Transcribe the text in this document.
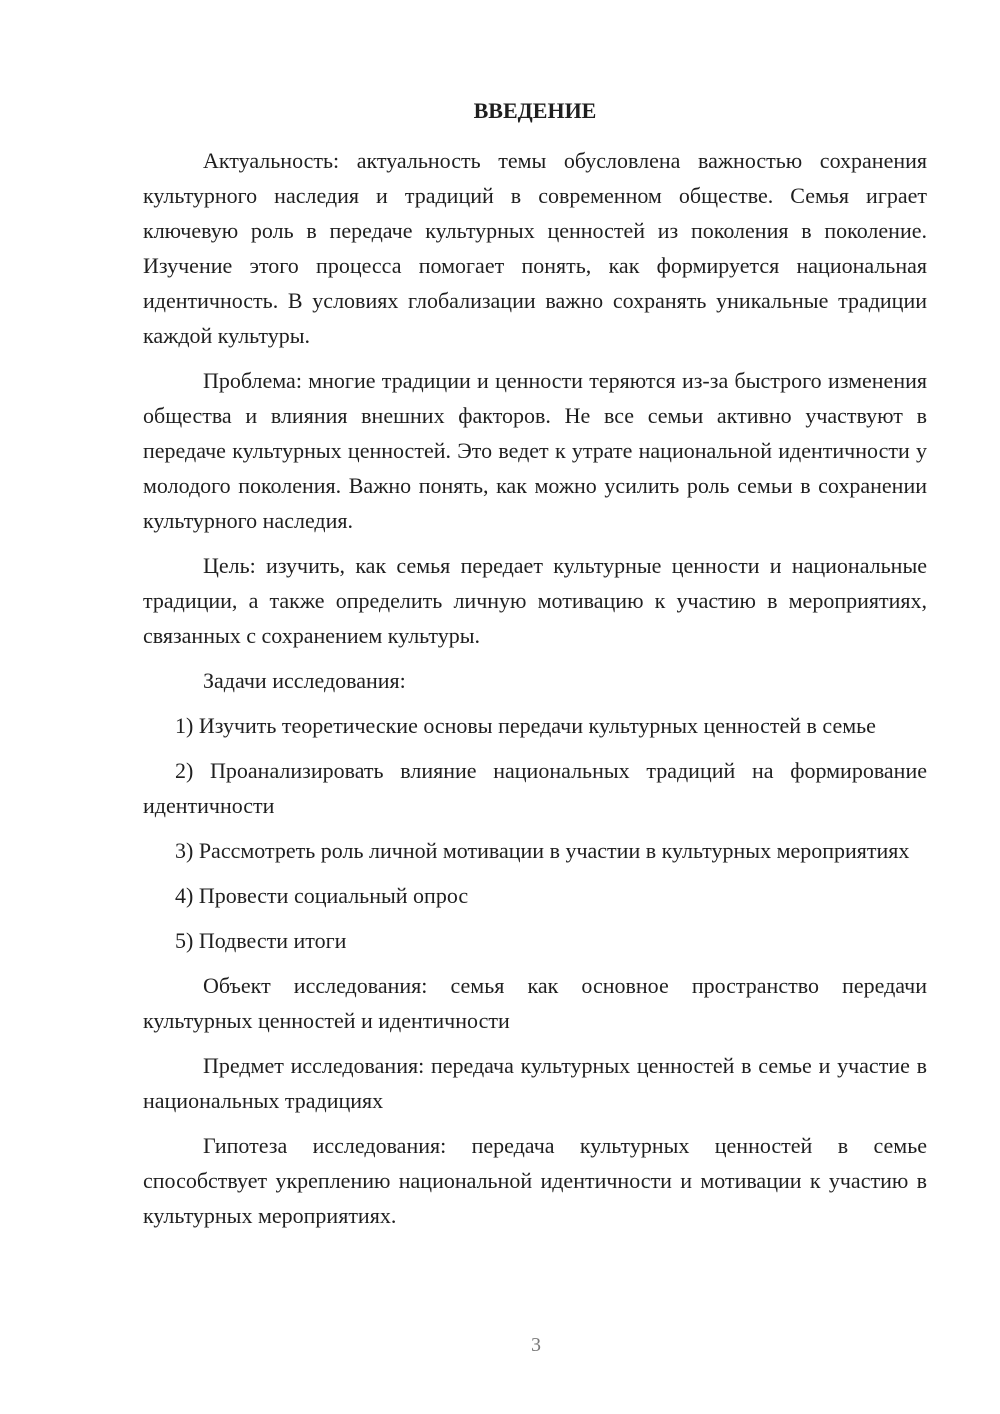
ВВЕДЕНИЕ

Актуальность: актуальность темы обусловлена важностью сохранения культурного наследия и традиций в современном обществе. Семья играет ключевую роль в передаче культурных ценностей из поколения в поколение. Изучение этого процесса помогает понять, как формируется национальная идентичность. В условиях глобализации важно сохранять уникальные традиции каждой культуры.

Проблема: многие традиции и ценности теряются из-за быстрого изменения общества и влияния внешних факторов. Не все семьи активно участвуют в передаче культурных ценностей. Это ведет к утрате национальной идентичности у молодого поколения. Важно понять, как можно усилить роль семьи в сохранении культурного наследия.

Цель: изучить, как семья передает культурные ценности и национальные традиции, а также определить личную мотивацию к участию в мероприятиях, связанных с сохранением культуры.

Задачи исследования:

1) Изучить теоретические основы передачи культурных ценностей в семье

2) Проанализировать влияние национальных традиций на формирование идентичности

3) Рассмотреть роль личной мотивации в участии в культурных мероприятиях

4) Провести социальный опрос

5) Подвести итоги

Объект исследования: семья как основное пространство передачи культурных ценностей и идентичности

Предмет исследования: передача культурных ценностей в семье и участие в национальных традициях

Гипотеза исследования: передача культурных ценностей в семье способствует укреплению национальной идентичности и мотивации к участию в культурных мероприятиях.

3
